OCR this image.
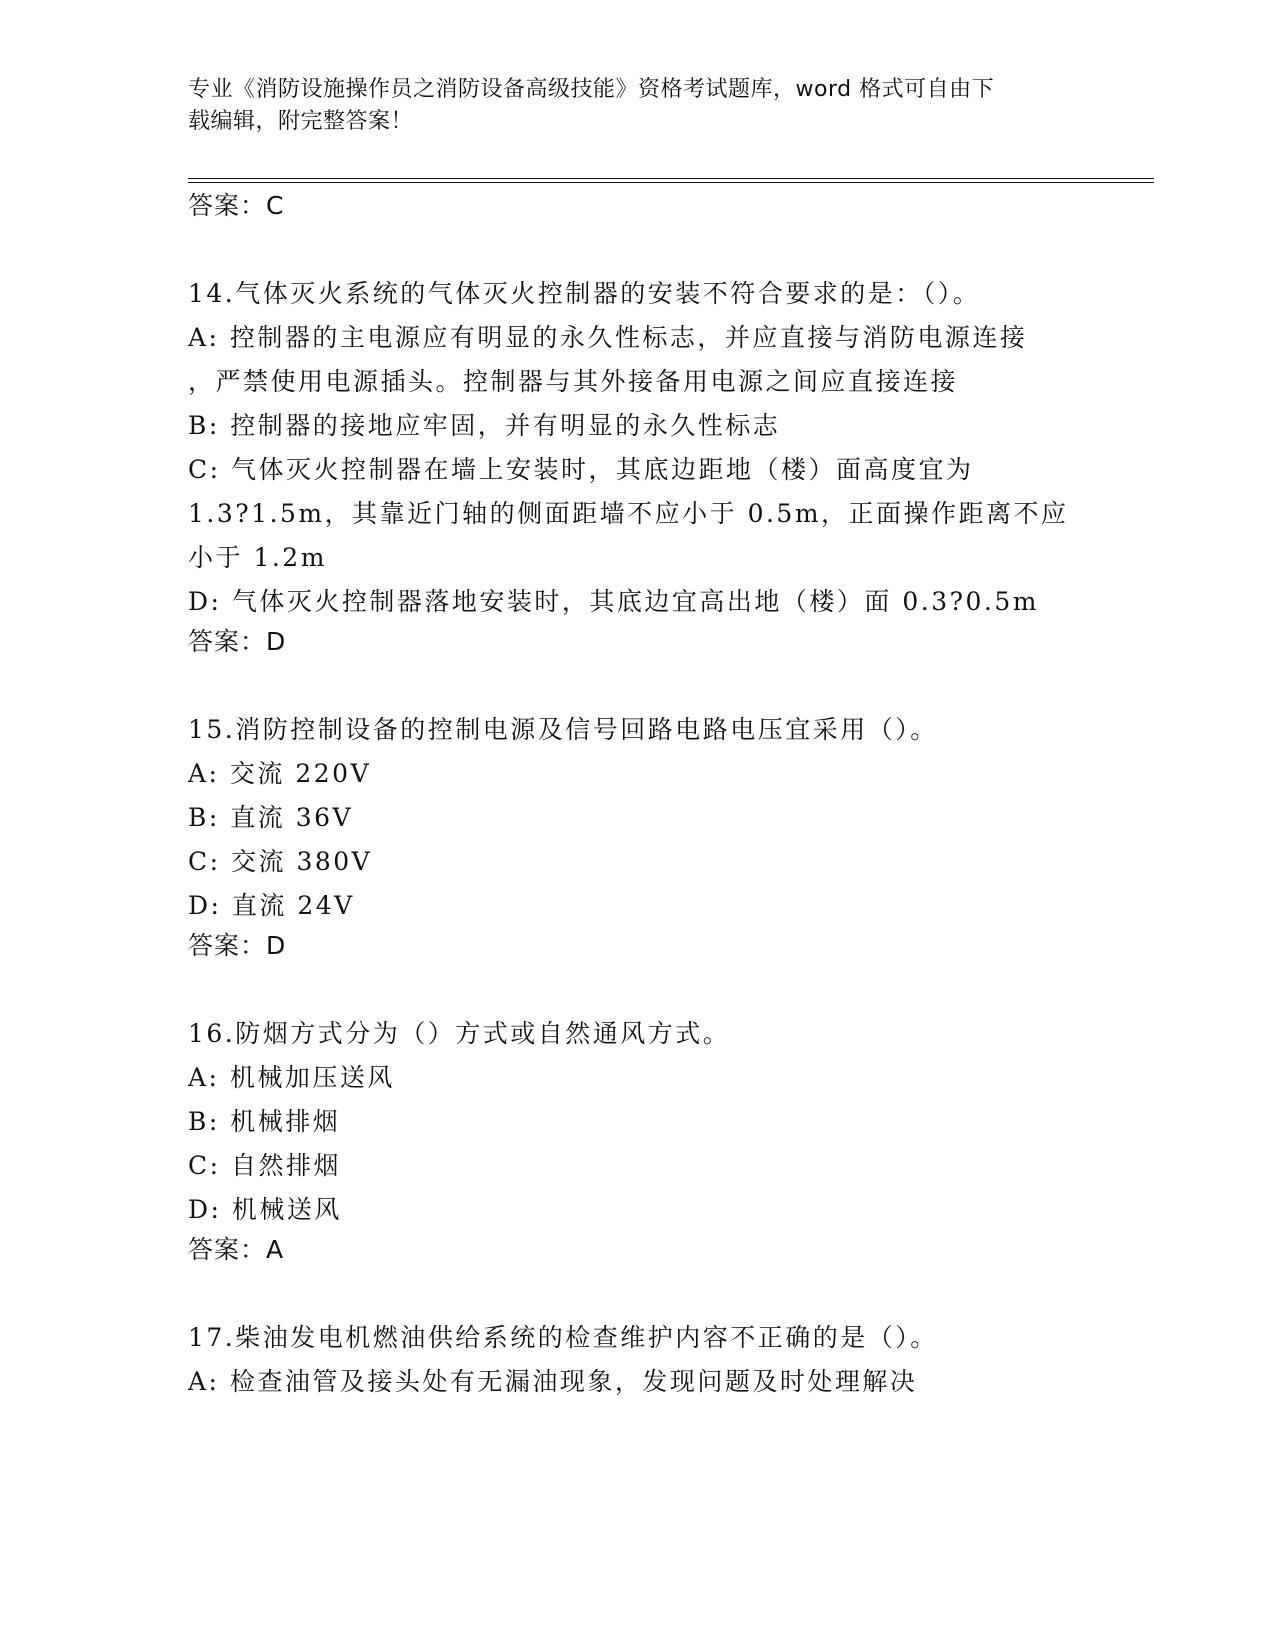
专业《消防设施操作员之消防设备高级技能》资格考试题库，word 格式可自由下
载编辑，附完整答案！
答案：C
14.气体灭火系统的气体灭火控制器的安装不符合要求的是：（）。
A: 控制器的主电源应有明显的永久性标志，并应直接与消防电源连接
，严禁使用电源插头。控制器与其外接备用电源之间应直接连接
B: 控制器的接地应牢固，并有明显的永久性标志
C: 气体灭火控制器在墙上安装时，其底边距地（楼）面高度宜为
1.3?1.5m，其靠近门轴的侧面距墙不应小于 0.5m，正面操作距离不应
小于 1.2m
D: 气体灭火控制器落地安装时，其底边宜高出地（楼）面 0.3?0.5m
答案：D
15.消防控制设备的控制电源及信号回路电路电压宜采用（）。
A: 交流 220V
B: 直流 36V
C: 交流 380V
D: 直流 24V
答案：D
16.防烟方式分为（）方式或自然通风方式。
A: 机械加压送风
B: 机械排烟
C: 自然排烟
D: 机械送风
答案：A
17.柴油发电机燃油供给系统的检查维护内容不正确的是（）。
A: 检查油管及接头处有无漏油现象，发现问题及时处理解决
